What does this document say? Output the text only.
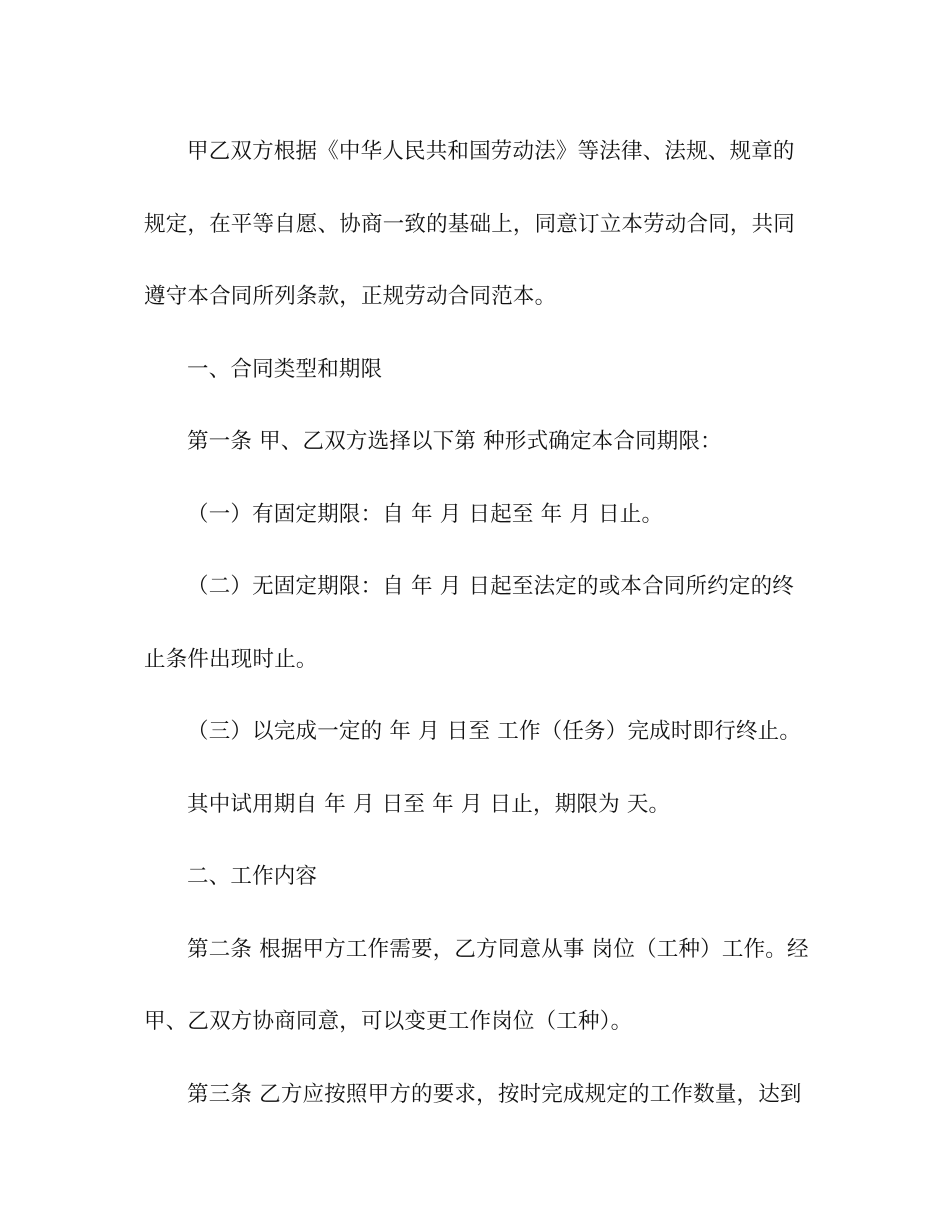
甲乙双方根据《中华人民共和国劳动法》等法律、法规、规章的规定，在平等自愿、协商一致的基础上，同意订立本劳动合同，共同遵守本合同所列条款，正规劳动合同范本。

一、合同类型和期限

第一条 甲、乙双方选择以下第 种形式确定本合同期限：

（一）有固定期限：自 年 月 日起至 年 月 日止。

（二）无固定期限：自 年 月 日起至法定的或本合同所约定的终止条件出现时止。

（三）以完成一定的 年 月 日至 工作（任务）完成时即行终止。

其中试用期自 年 月 日至 年 月 日止，期限为 天。

二、工作内容

第二条 根据甲方工作需要，乙方同意从事 岗位（工种）工作。经甲、乙双方协商同意，可以变更工作岗位（工种）。

第三条 乙方应按照甲方的要求，按时完成规定的工作数量，达到
